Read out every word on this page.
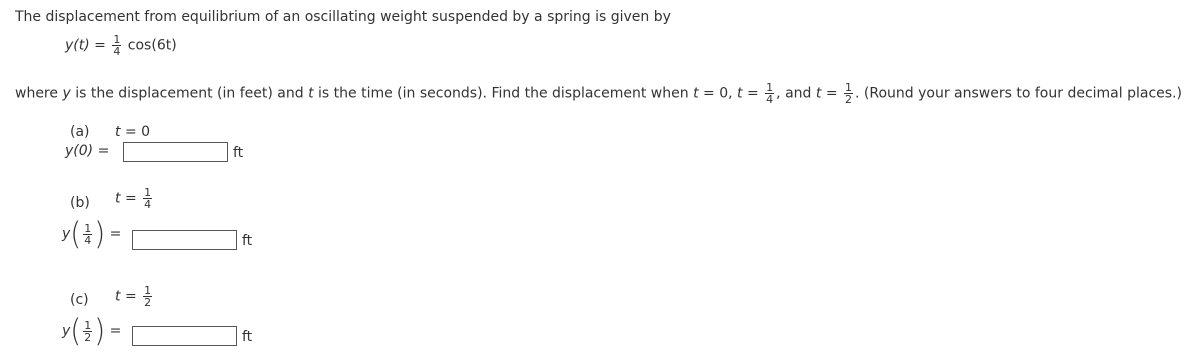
The displacement from equilibrium of an oscillating weight suspended by a spring is given by
$y(t) = \frac{1}{4} \cos(6t)$
where y is the displacement (in feet) and t is the time (in seconds). Find the displacement when t = 0, $t = \frac{1}{4}$ , and $t = \frac{1}{2}$ . (Round your answers to four decimal places.)
(a) t = 0
y(0) =	ft
(b) $t = \frac{1}{4}$
$y( \frac{1}{4}$ ) =	ft
(c) $t = \frac{1}{2}$
$y( \frac{1}{2}$ ) =	ft
